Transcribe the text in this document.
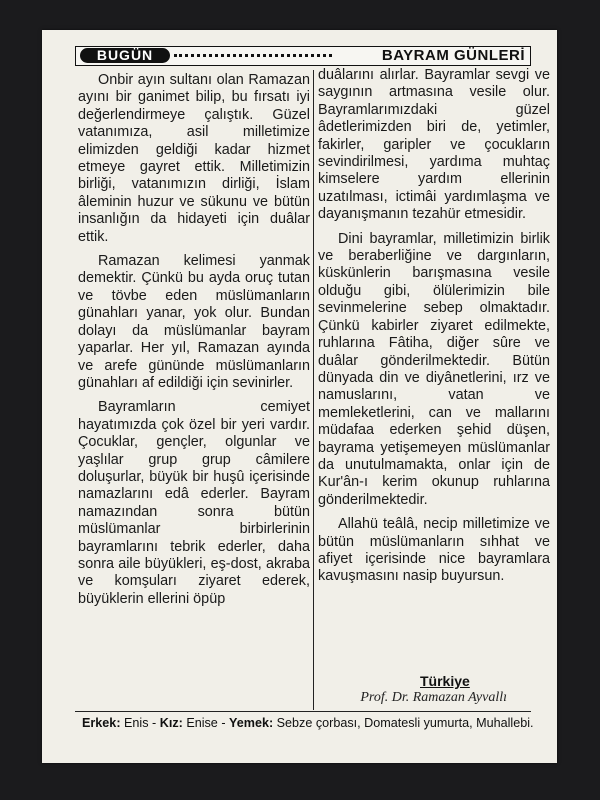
BUGÜN	BAYRAM GÜNLERİ

Onbir ayın sultanı olan Ramazan ayını bir ganimet bilip, bu fırsatı iyi değerlendirmeye çalıştık. Güzel vatanımıza, asil milletimize elimizden geldiği kadar hizmet etmeye gayret ettik. Milletimizin birliği, vatanımızın dirliği, İslam âleminin huzur ve sükunu ve bütün insanlığın da hidayeti için duâlar ettik.

Ramazan kelimesi yanmak demektir. Çünkü bu ayda oruç tutan ve tövbe eden müslümanların günahları yanar, yok olur. Bundan dolayı da müslümanlar bayram yaparlar. Her yıl, Ramazan ayında ve arefe gününde müslümanların günahları af edildiği için sevinirler.

Bayramların cemiyet hayatımızda çok özel bir yeri vardır. Çocuklar, gençler, olgunlar ve yaşlılar grup grup câmilere doluşurlar, büyük bir huşû içerisinde namazlarını edâ ederler. Bayram namazından sonra bütün müslümanlar birbirlerinin bayramlarını tebrik ederler, daha sonra aile büyükleri, eş-dost, akraba ve komşuları ziyaret ederek, büyüklerin ellerini öpüp

duâlarını alırlar. Bayramlar sevgi ve saygının artmasına vesile olur. Bayramlarımızdaki güzel âdetlerimizden biri de, yetimler, fakirler, garipler ve çocukların sevindirilmesi, yardıma muhtaç kimselere yardım ellerinin uzatılması, ictimâi yardımlaşma ve dayanışmanın tezahür etmesidir.

Dini bayramlar, milletimizin birlik ve beraberliğine ve dargınların, küskünlerin barışmasına vesile olduğu gibi, ölülerimizin bile sevinmelerine sebep olmaktadır. Çünkü kabirler ziyaret edilmekte, ruhlarına Fâtiha, diğer sûre ve duâlar gönderilmektedir. Bütün dünyada din ve diyânetlerini, ırz ve namuslarını, vatan ve memleketlerini, can ve mallarını müdafaa ederken şehid düşen, bayrama yetişemeyen müslümanlar da unutulmamakta, onlar için de Kur'ân-ı kerim okunup ruhlarına gönderilmektedir.

Allahü teâlâ, necip milletimize ve bütün müslümanların sıhhat ve afiyet içerisinde nice bayramlara kavuşmasını nasip buyursun.

Türkiye
Prof. Dr. Ramazan Ayvallı
Erkek: Enis - Kız: Enise - Yemek: Sebze çorbası, Domatesli yumurta, Muhallebi.
